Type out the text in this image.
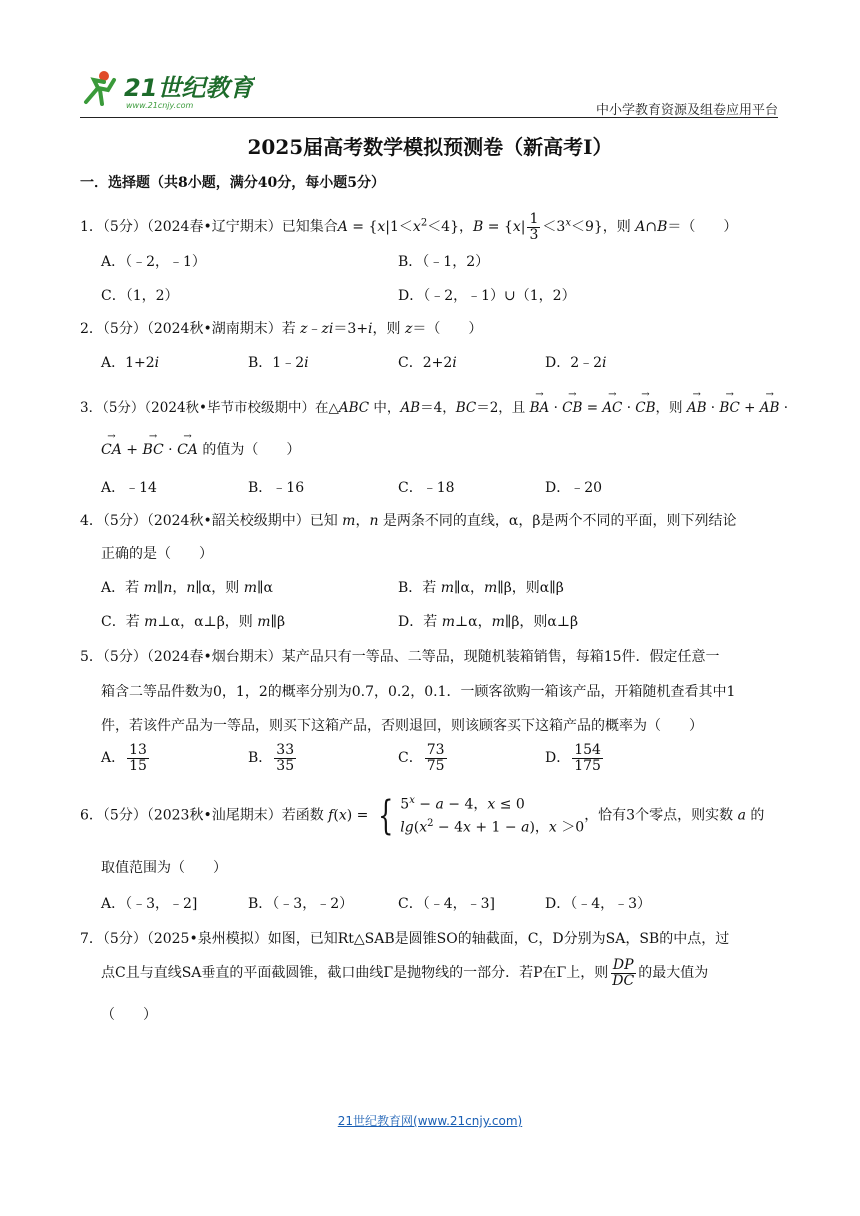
21世纪教育
www.21cnjy.com	中小学教育资源及组卷应用平台
2025届高考数学模拟预测卷（新高考Ⅰ）
一．选择题（共8小题，满分40分，每小题5分）
1．（5分）（2024春•辽宁期末）已知集合$A = \{x|1<x^2<4\}$，$B = \{x| \frac{1}{3} <3^x<9\}$，则 A∩B＝（　　）
A．（﹣2，﹣1）	B．（﹣1，2）
C．（1，2）	D．（﹣2，﹣1）∪（1，2）
2．（5分）（2024秋•湖南期末）若 z﹣zi＝3+i，则 z＝（　　）
A．1+2i	B．1﹣2i	C．2+2i	D．2﹣2i
3．（5分）（2024秋•毕节市校级期中）在△ABC 中，AB＝4，BC＝2，且 → BA · → CB = → AC · → CB，则 → AB · → BC + → AB ·
→ CA + → BC · → CA 的值为（　　）
A．﹣14	B．﹣16	C．﹣18	D．﹣20
4．（5分）（2024秋•韶关校级期中）已知 m，n 是两条不同的直线，α，β是两个不同的平面，则下列结论
正确的是（　　）
A．若 m∥n，n∥α，则 m∥α	B．若 m∥α，m∥β，则α∥β
C．若 m⊥α，α⊥β，则 m∥β	D．若 m⊥α，m∥β，则α⊥β
5．（5分）（2024春•烟台期末）某产品只有一等品、二等品，现随机装箱销售，每箱15件．假定任意一
箱含二等品件数为0，1，2的概率分别为0.7，0.2，0.1．一顾客欲购一箱该产品，开箱随机查看其中1
件，若该件产品为一等品，则买下这箱产品，否则退回，则该顾客买下这箱产品的概率为（　　）
A． $\frac{13}{15}$	B． $\frac{33}{35}$	C． $\frac{73}{75}$	D． $\frac{154}{175}$
6．（5分）（2023秋•汕尾期末）若函数 f(x) = { $5^x - a - 4$，x ≤ 0
$\lg(x^2 - 4x + 1 - a)$，x ＞0
，恰有3个零点，则实数 a 的
取值范围为（　　）
A．（﹣3，﹣2]	B．（﹣3，﹣2）	C．（﹣4，﹣3]	D．（﹣4，﹣3）
7．（5分）（2025•泉州模拟）如图，已知Rt△SAB是圆锥SO的轴截面，C，D分别为SA，SB的中点，过
点C且与直线SA垂直的平面截圆锥，截口曲线Γ是抛物线的一部分．若P在Γ上，则 $\frac{DP}{DC}$ 的最大值为
（　　）
21世纪教育网(www.21cnjy.com)
